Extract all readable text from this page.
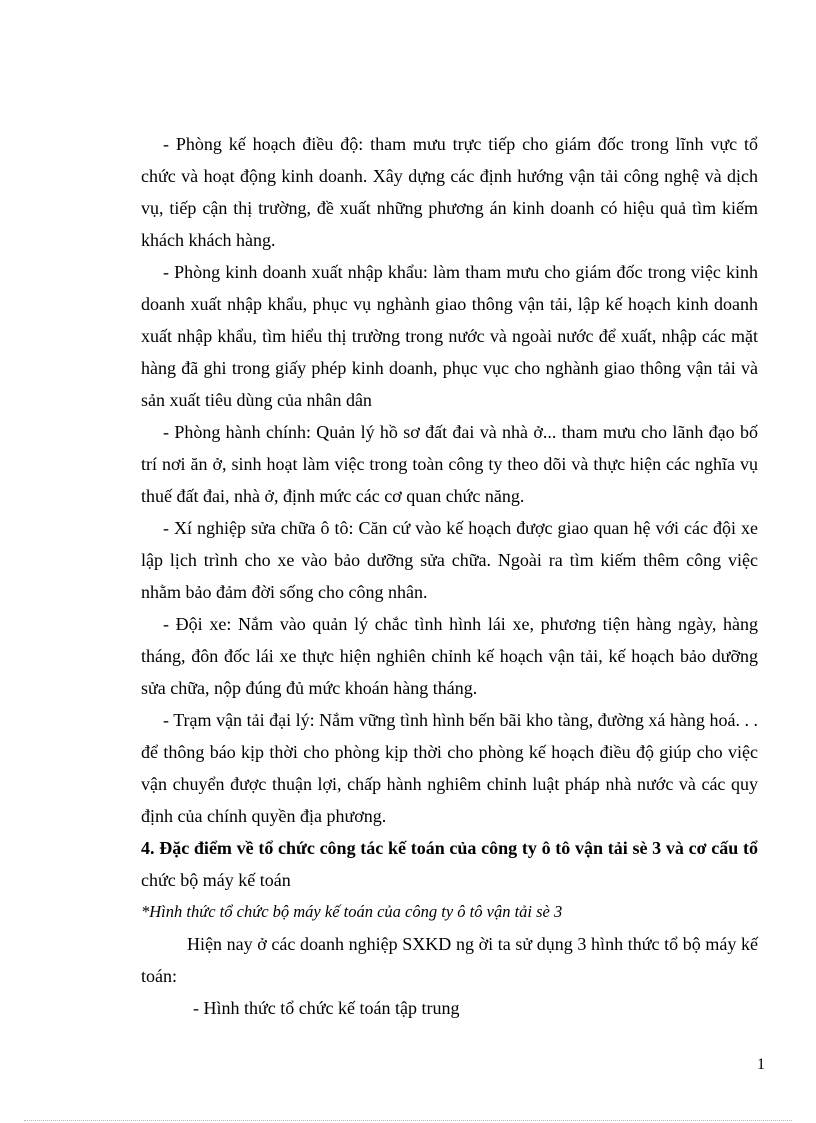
- Phòng kế hoạch điều độ: tham mưu trực tiếp cho giám đốc trong lĩnh vực tổ chức và hoạt động kinh doanh. Xây dựng các định hướng vận tải công nghệ và dịch vụ, tiếp cận thị trường, đề xuất những phương án kinh doanh có hiệu quả tìm kiếm khách khách hàng.

- Phòng kinh doanh xuất nhập khẩu: làm tham mưu cho giám đốc trong việc kinh doanh xuất nhập khẩu, phục vụ nghành giao thông vận tải, lập kế hoạch kinh doanh xuất nhập khẩu, tìm hiểu thị trường trong nước và ngoài nước để xuất, nhập các mặt hàng đã ghi trong giấy phép kinh doanh, phục vục cho nghành giao thông vận tải và sản xuất tiêu dùng của nhân dân

- Phòng hành chính: Quản lý hồ sơ đất đai và nhà ở... tham mưu cho lãnh đạo bố trí nơi ăn ở, sinh hoạt làm việc trong toàn công ty theo dõi và thực hiện các nghĩa vụ thuế đất đai, nhà ở, định mức các cơ quan chức năng.

- Xí nghiệp sửa chữa ô tô: Căn cứ vào kế hoạch được giao quan hệ với các đội xe lập lịch trình cho xe vào bảo dưỡng sửa chữa. Ngoài ra tìm kiếm thêm công việc nhằm bảo đảm đời sống cho công nhân.

- Đội xe: Nắm vào quản lý chắc tình hình lái xe, phương tiện hàng ngày, hàng tháng, đôn đốc lái xe thực hiện nghiên chỉnh kế hoạch vận tải, kế hoạch bảo dưỡng sửa chữa, nộp đúng đủ mức khoán hàng tháng.

- Trạm vận tải đại lý: Nắm vững tình hình bến bãi kho tàng, đường xá hàng hoá. . . để thông báo kịp thời cho phòng kịp thời cho phòng kế hoạch điều độ giúp cho việc vận chuyển được thuận lợi, chấp hành nghiêm chỉnh luật pháp nhà nước và các quy định của chính quyền địa phương.

4. Đặc điểm về tổ chức công tác kế toán của công ty ô tô vận tải sè 3 và cơ cấu tổ chức bộ máy kế toán

*Hình thức tổ chức bộ máy kế toán của công ty ô tô vận tải sè 3

Hiện nay ở các doanh nghiệp SXKD ng ời ta sử dụng 3 hình thức tổ bộ máy kế toán:

- Hình thức tổ chức kế toán tập trung

1
